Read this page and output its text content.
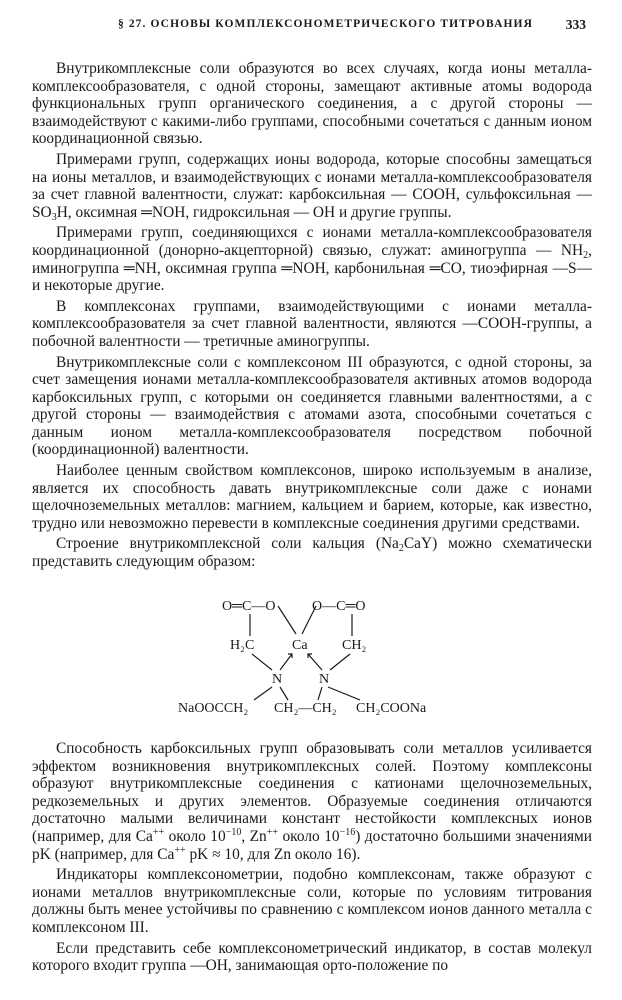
§ 27. ОСНОВЫ КОМПЛЕКСОНОМЕТРИЧЕСКОГО ТИТРОВАНИЯ 333

Внутрикомплексные соли образуются во всех случаях, когда ионы металла-комплексообразователя, с одной стороны, замещают активные атомы водорода функциональных групп органического соединения, а с другой стороны — взаимодействуют с какими-либо группами, способными сочетаться с данным ионом координационной связью.

Примерами групп, содержащих ионы водорода, которые способны замещаться на ионы металлов, и взаимодействующих с ионами металла-комплексообразователя за счет главной валентности, служат: карбоксильная — COOH, сульфоксильная — $SO_3H$, оксимная ═NOH, гидроксильная — OH и другие группы.

Примерами групп, соединяющихся с ионами металла-комплексообразователя координационной (донорно-акцепторной) связью, служат: аминогруппа — $NH_2$, иминогруппа ═NH, оксимная группа ═NOH, карбонильная ═CO, тиоэфирная —S— и некоторые другие.

В комплексонах группами, взаимодействующими с ионами металла-комплексообразователя за счет главной валентности, являются —COOH-группы, а побочной валентности — третичные аминогруппы.

Внутрикомплексные соли с комплексоном III образуются, с одной стороны, за счет замещения ионами металла-комплексообразователя активных атомов водорода карбоксильных групп, с которыми он соединяется главными валентностями, а с другой стороны — взаимодействия с атомами азота, способными сочетаться с данным ионом металла-комплексообразователя посредством побочной (координационной) валентности.

Наиболее ценным свойством комплексонов, широко используемым в анализе, является их способность давать внутрикомплексные соли даже с ионами щелочноземельных металлов: магнием, кальцием и барием, которые, как известно, трудно или невозможно перевести в комплексные соединения другими средствами.

Строение внутрикомплексной соли кальция $(Na_2CaY)$ можно схематически представить следующим образом:

O═C—O	O—C═O
H₂C	Ca CH₂
N	N
NaOOCCH₂ CH₂—CH₂ CH₂COONa

Способность карбоксильных групп образовывать соли металлов усиливается эффектом возникновения внутрикомплексных солей. Поэтому комплексоны образуют внутрикомплексные соединения с катионами щелочноземельных, редкоземельных и других элементов. Образуемые соединения отличаются достаточно малыми величинами констант нестойкости комплексных ионов (например, для Ca++ около $10^{-10}$, Zn++ около $10^{-16}$) достаточно большими значениями pK (например, для Ca++ pK ≈ 10, для Zn около 16).

Индикаторы комплексонометрии, подобно комплексонам, также образуют с ионами металлов внутрикомплексные соли, которые по условиям титрования должны быть менее устойчивы по сравнению с комплексом ионов данного металла с комплексоном III.

Если представить себе комплексонометрический индикатор, в состав молекул которого входит группа —OH, занимающая орто-положение по
